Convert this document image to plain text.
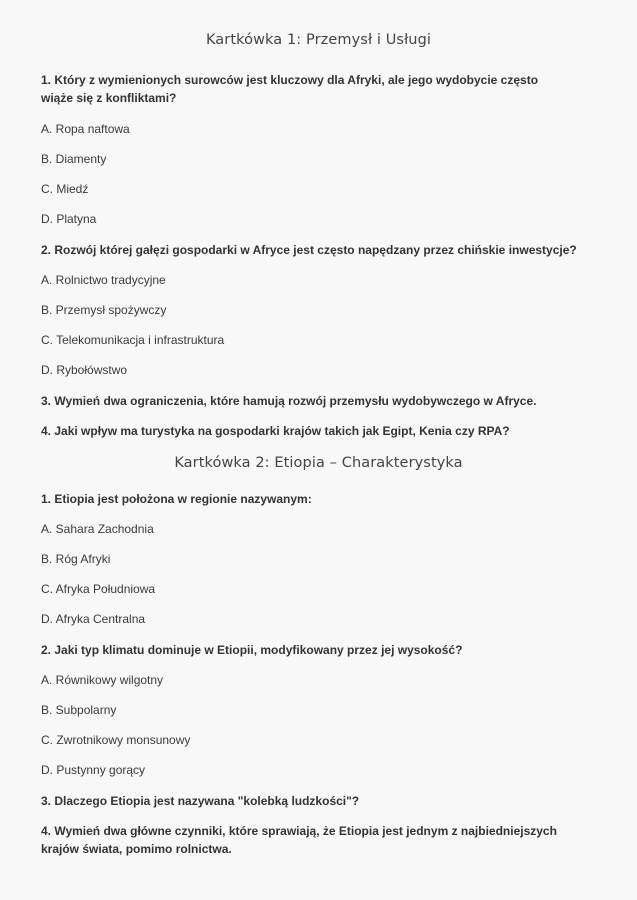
Kartkówka 1: Przemysł i Usługi

1. Który z wymienionych surowców jest kluczowy dla Afryki, ale jego wydobycie często wiąże się z konfliktami?

A. Ropa naftowa

B. Diamenty

C. Miedź

D. Platyna

2. Rozwój której gałęzi gospodarki w Afryce jest często napędzany przez chińskie inwestycje?

A. Rolnictwo tradycyjne

B. Przemysł spożywczy

C. Telekomunikacja i infrastruktura

D. Rybołówstwo

3. Wymień dwa ograniczenia, które hamują rozwój przemysłu wydobywczego w Afryce.

4. Jaki wpływ ma turystyka na gospodarki krajów takich jak Egipt, Kenia czy RPA?

Kartkówka 2: Etiopia – Charakterystyka

1. Etiopia jest położona w regionie nazywanym:

A. Sahara Zachodnia

B. Róg Afryki

C. Afryka Południowa

D. Afryka Centralna

2. Jaki typ klimatu dominuje w Etiopii, modyfikowany przez jej wysokość?

A. Równikowy wilgotny

B. Subpolarny

C. Zwrotnikowy monsunowy

D. Pustynny gorący

3. Dlaczego Etiopia jest nazywana "kolebką ludzkości"?

4. Wymień dwa główne czynniki, które sprawiają, że Etiopia jest jednym z najbiedniejszych krajów świata, pomimo rolnictwa.
